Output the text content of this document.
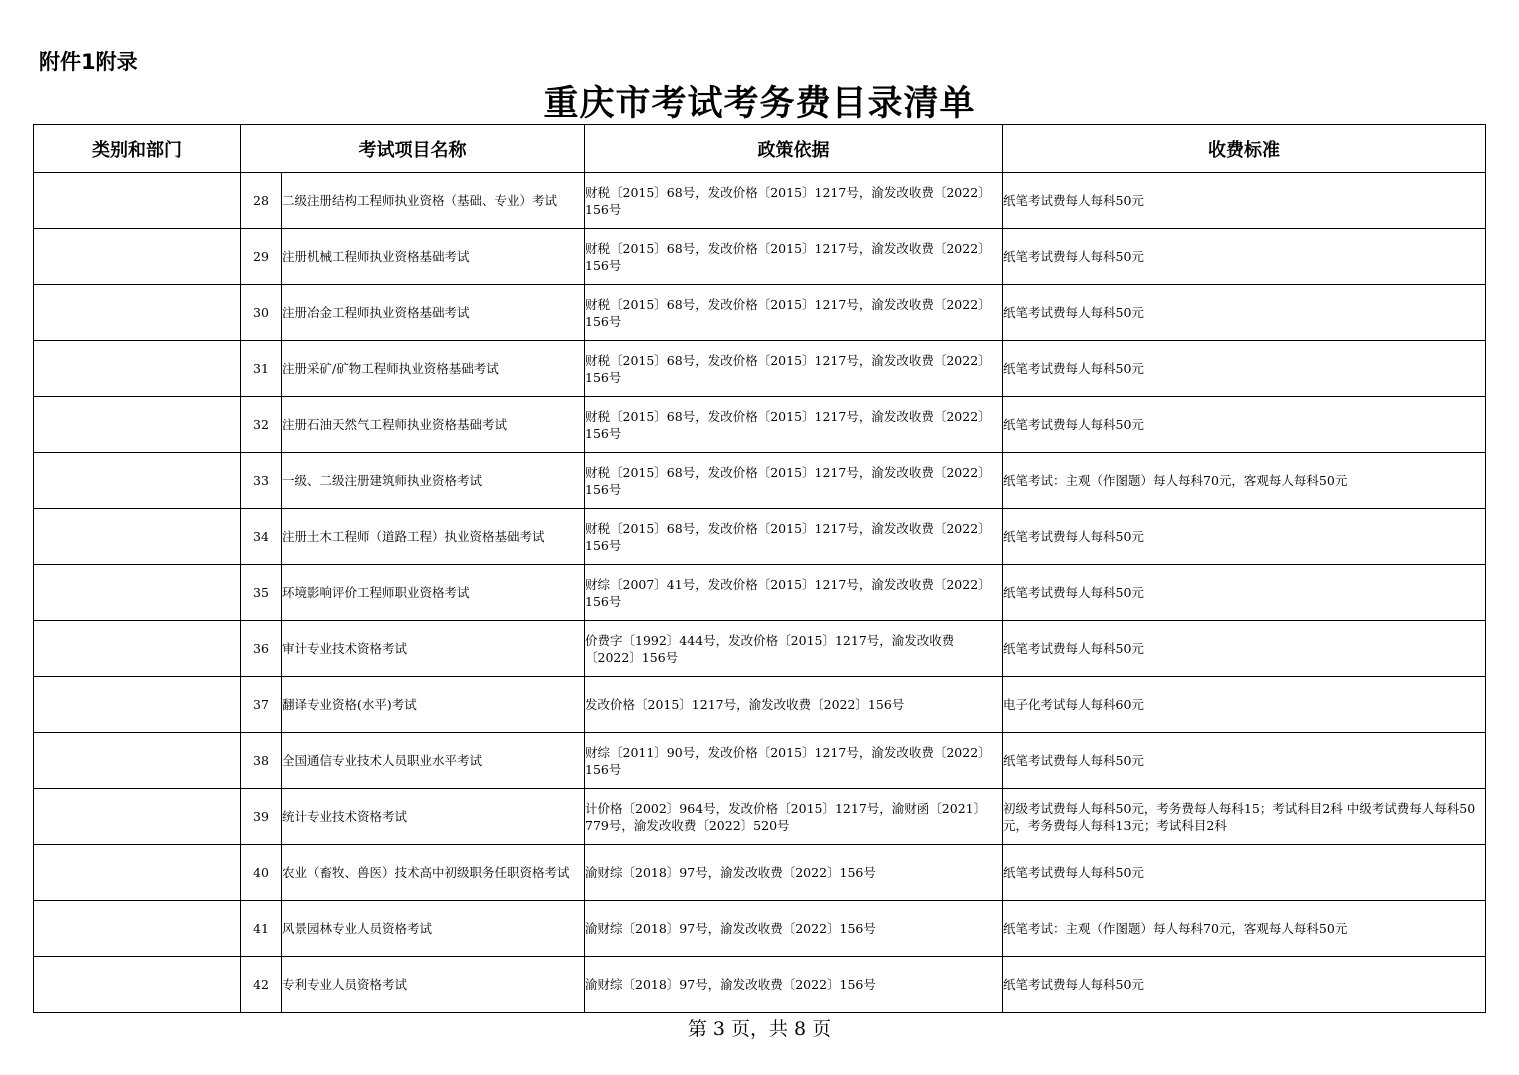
附件1附录
重庆市考试考务费目录清单
类别和部门	考试项目名称		政策依据	收费标准
	28	二级注册结构工程师执业资格（基础、专业）考试	财税〔2015〕68号，发改价格〔2015〕1217号，渝发改收费〔2022〕156号	纸笔考试费每人每科50元
	29	注册机械工程师执业资格基础考试	财税〔2015〕68号，发改价格〔2015〕1217号，渝发改收费〔2022〕156号	纸笔考试费每人每科50元
	30	注册冶金工程师执业资格基础考试	财税〔2015〕68号，发改价格〔2015〕1217号，渝发改收费〔2022〕156号	纸笔考试费每人每科50元
	31	注册采矿/矿物工程师执业资格基础考试	财税〔2015〕68号，发改价格〔2015〕1217号，渝发改收费〔2022〕156号	纸笔考试费每人每科50元
	32	注册石油天然气工程师执业资格基础考试	财税〔2015〕68号，发改价格〔2015〕1217号，渝发改收费〔2022〕156号	纸笔考试费每人每科50元
	33	一级、二级注册建筑师执业资格考试	财税〔2015〕68号，发改价格〔2015〕1217号，渝发改收费〔2022〕156号	纸笔考试：主观（作图题）每人每科70元，客观每人每科50元
	34	注册土木工程师（道路工程）执业资格基础考试	财税〔2015〕68号，发改价格〔2015〕1217号，渝发改收费〔2022〕156号	纸笔考试费每人每科50元
	35	环境影响评价工程师职业资格考试	财综〔2007〕41号，发改价格〔2015〕1217号，渝发改收费〔2022〕156号	纸笔考试费每人每科50元
	36	审计专业技术资格考试	价费字〔1992〕444号，发改价格〔2015〕1217号，渝发改收费〔2022〕156号	纸笔考试费每人每科50元
	37	翻译专业资格(水平)考试	发改价格〔2015〕1217号，渝发改收费〔2022〕156号	电子化考试每人每科60元
	38	全国通信专业技术人员职业水平考试	财综〔2011〕90号，发改价格〔2015〕1217号，渝发改收费〔2022〕156号	纸笔考试费每人每科50元
	39	统计专业技术资格考试	计价格〔2002〕964号，发改价格〔2015〕1217号，渝财函〔2021〕779号，渝发改收费〔2022〕520号	初级考试费每人每科50元，考务费每人每科15；考试科目2科 中级考试费每人每科50元，考务费每人每科13元；考试科目2科
	40	农业（畜牧、兽医）技术高中初级职务任职资格考试	渝财综〔2018〕97号，渝发改收费〔2022〕156号	纸笔考试费每人每科50元
	41	风景园林专业人员资格考试	渝财综〔2018〕97号，渝发改收费〔2022〕156号	纸笔考试：主观（作图题）每人每科70元，客观每人每科50元
	42	专利专业人员资格考试	渝财综〔2018〕97号，渝发改收费〔2022〕156号	纸笔考试费每人每科50元
第 3 页，共 8 页
